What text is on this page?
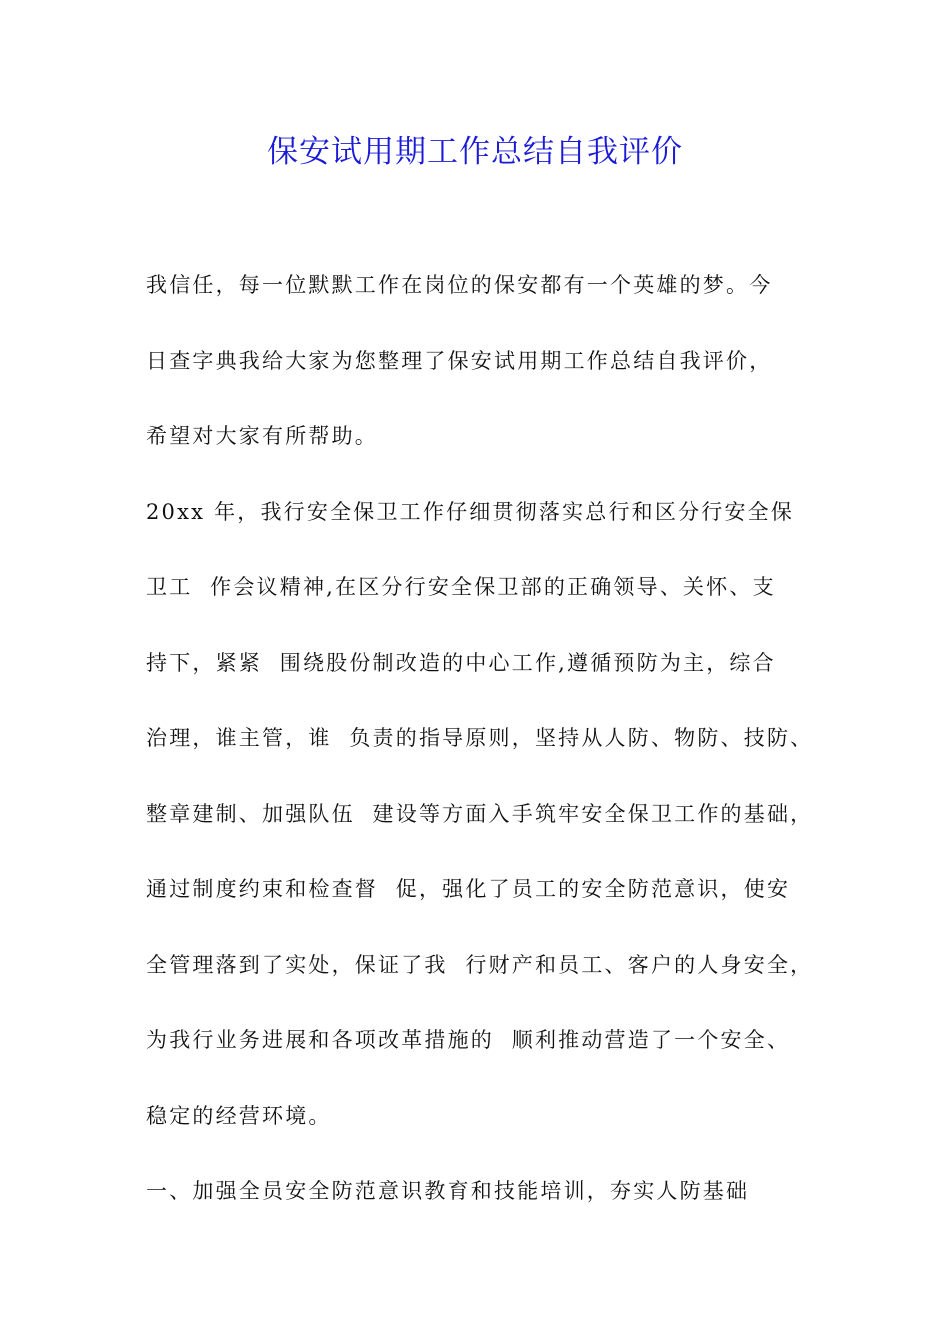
保安试用期工作总结自我评价
我信任，每一位默默工作在岗位的保安都有一个英雄的梦。今
日查字典我给大家为您整理了保安试用期工作总结自我评价，
希望对大家有所帮助。
20xx 年，我行安全保卫工作仔细贯彻落实总行和区分行安全保
卫工  作会议精神,在区分行安全保卫部的正确领导、关怀、支
持下，紧紧  围绕股份制改造的中心工作,遵循预防为主，综合
治理，谁主管，谁  负责的指导原则，坚持从人防、物防、技防、
整章建制、加强队伍  建设等方面入手筑牢安全保卫工作的基础，
通过制度约束和检查督  促，强化了员工的安全防范意识，使安
全管理落到了实处，保证了我  行财产和员工、客户的人身安全，
为我行业务进展和各项改革措施的  顺利推动营造了一个安全、
稳定的经营环境。
一、加强全员安全防范意识教育和技能培训，夯实人防基础
